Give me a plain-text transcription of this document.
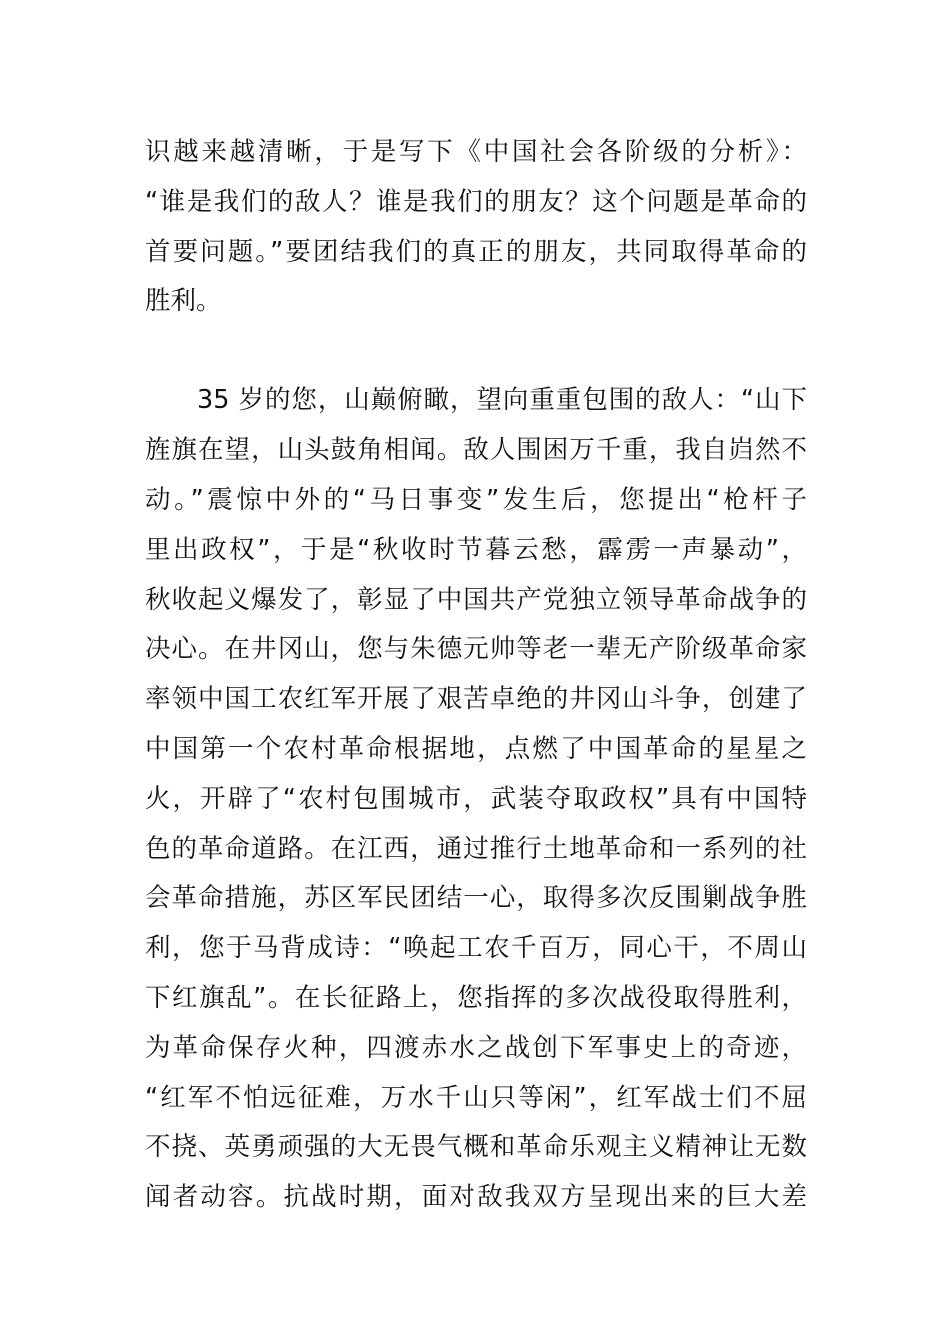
识越来越清晰，于是写下《中国社会各阶级的分析》：
“谁是我们的敌人？谁是我们的朋友？这个问题是革命的
首要问题。”要团结我们的真正的朋友，共同取得革命的
胜利。
35 岁的您，山巅俯瞰，望向重重包围的敌人：“山下
旌旗在望，山头鼓角相闻。敌人围困万千重，我自岿然不
动。”震惊中外的“马日事变”发生后，您提出“枪杆子
里出政权”，于是“秋收时节暮云愁，霹雳一声暴动”，
秋收起义爆发了，彰显了中国共产党独立领导革命战争的
决心。在井冈山，您与朱德元帅等老一辈无产阶级革命家
率领中国工农红军开展了艰苦卓绝的井冈山斗争，创建了
中国第一个农村革命根据地，点燃了中国革命的星星之
火，开辟了“农村包围城市，武装夺取政权”具有中国特
色的革命道路。在江西，通过推行土地革命和一系列的社
会革命措施，苏区军民团结一心，取得多次反围剿战争胜
利，您于马背成诗：“唤起工农千百万，同心干，不周山
下红旗乱”。在长征路上，您指挥的多次战役取得胜利，
为革命保存火种，四渡赤水之战创下军事史上的奇迹，
“红军不怕远征难，万水千山只等闲”，红军战士们不屈
不挠、英勇顽强的大无畏气概和革命乐观主义精神让无数
闻者动容。抗战时期，面对敌我双方呈现出来的巨大差
